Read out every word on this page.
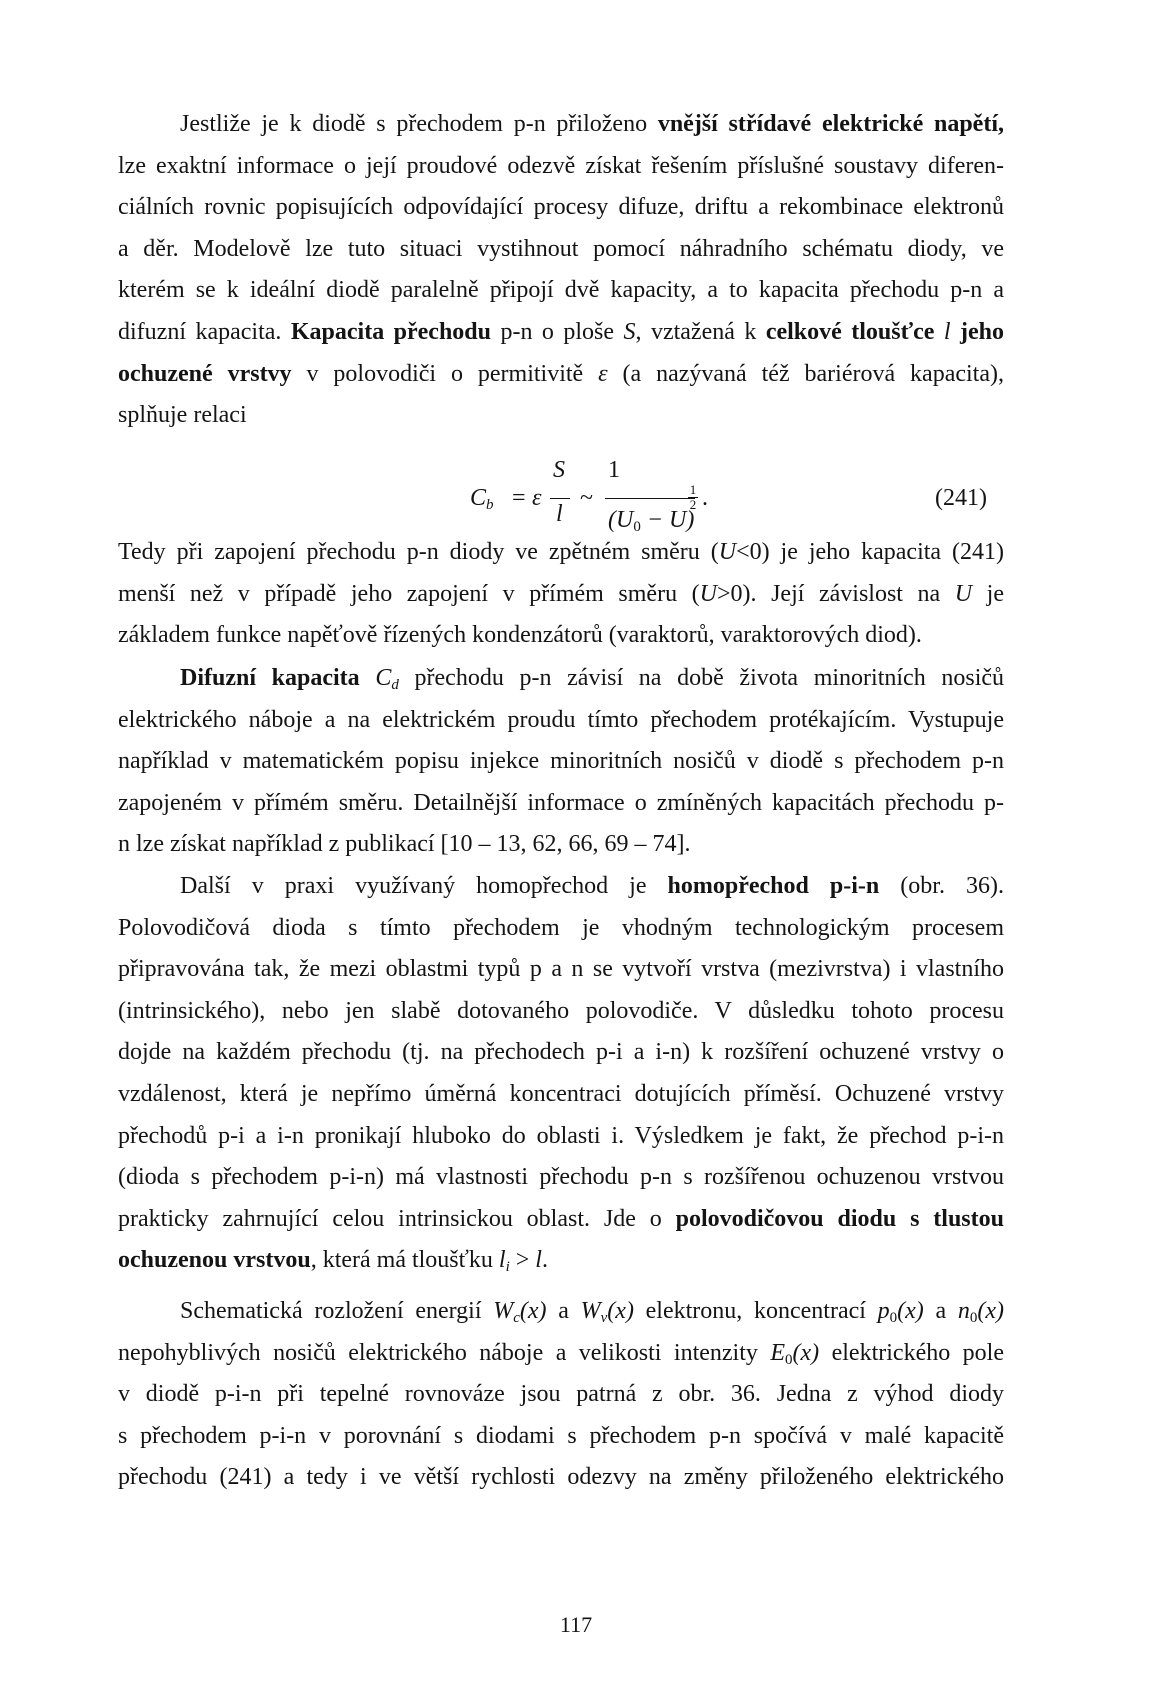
Jestliže je k diodě s přechodem p-n přiloženo vnější střídavé elektrické napětí,
lze exaktní informace o její proudové odezvě získat řešením příslušné soustavy diferen-
ciálních rovnic popisujících odpovídající procesy difuze, driftu a rekombinace elektronů
a děr. Modelově lze tuto situaci vystihnout pomocí náhradního schématu diody, ve
kterém se k ideální diodě paralelně připojí dvě kapacity, a to kapacita přechodu p-n a
difuzní kapacita. Kapacita přechodu p-n o ploše S, vztažená k celkové tloušťce l jeho
ochuzené vrstvy v polovodiči o permitivitě ε (a nazývaná též bariérová kapacita),
splňuje relaci
$C_b = \varepsilon$
S
l
~
1
$(U_0 - U)$
1
2 .	(241)
Tedy při zapojení přechodu p-n diody ve zpětném směru (U<0) je jeho kapacita (241)
menší než v případě jeho zapojení v přímém směru (U>0). Její závislost na U je
základem funkce napěťově řízených kondenzátorů (varaktorů, varaktorových diod).
Difuzní kapacita $C_d$ přechodu p-n závisí na době života minoritních nosičů
elektrického náboje a na elektrickém proudu tímto přechodem protékajícím. Vystupuje
například v matematickém popisu injekce minoritních nosičů v diodě s přechodem p-n
zapojeném v přímém směru. Detailnější informace o zmíněných kapacitách přechodu p-
n lze získat například z publikací [10 – 13, 62, 66, 69 – 74].
Další v praxi využívaný homopřechod je homopřechod p-i-n (obr. 36).
Polovodičová dioda s tímto přechodem je vhodným technologickým procesem
připravována tak, že mezi oblastmi typů p a n se vytvoří vrstva (mezivrstva) i vlastního
(intrinsického), nebo jen slabě dotovaného polovodiče. V důsledku tohoto procesu
dojde na každém přechodu (tj. na přechodech p-i a i-n) k rozšíření ochuzené vrstvy o
vzdálenost, která je nepřímo úměrná koncentraci dotujících příměsí. Ochuzené vrstvy
přechodů p-i a i-n pronikají hluboko do oblasti i. Výsledkem je fakt, že přechod p-i-n
(dioda s přechodem p-i-n) má vlastnosti přechodu p-n s rozšířenou ochuzenou vrstvou
prakticky zahrnující celou intrinsickou oblast. Jde o polovodičovou diodu s tlustou
ochuzenou vrstvou, která má tloušťku $l_i > l$.
Schematická rozložení energií $W_c(x)$ a $W_v(x)$ elektronu, koncentrací $p_0(x)$ a $n_0(x)$
nepohyblivých nosičů elektrického náboje a velikosti intenzity $E_0(x)$ elektrického pole
v diodě p-i-n při tepelné rovnováze jsou patrná z obr. 36. Jedna z výhod diody
s přechodem p-i-n v porovnání s diodami s přechodem p-n spočívá v malé kapacitě
přechodu (241) a tedy i ve větší rychlosti odezvy na změny přiloženého elektrického
117
